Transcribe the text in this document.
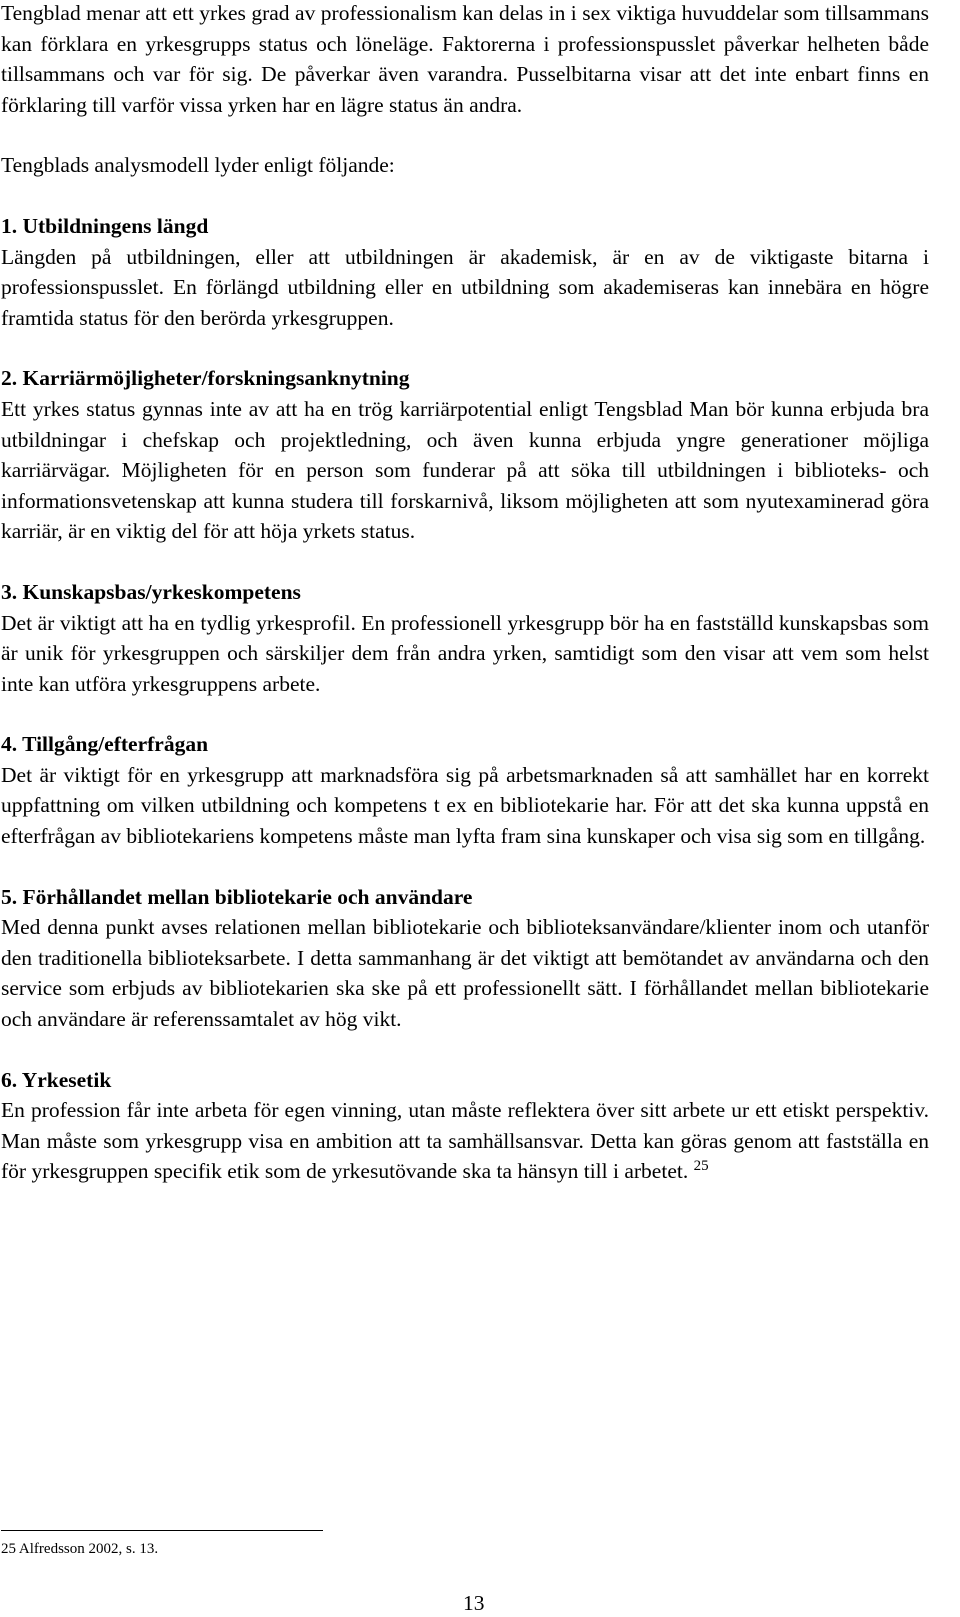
Tengblad menar att ett yrkes grad av professionalism kan delas in i sex viktiga huvuddelar som tillsammans kan förklara en yrkesgrupps status och löneläge. Faktorerna i professionspusslet påverkar helheten både tillsammans och var för sig. De påverkar även varandra. Pusselbitarna visar att det inte enbart finns en förklaring till varför vissa yrken har en lägre status än andra.

Tengblads analysmodell lyder enligt följande:

1. Utbildningens längd

Längden på utbildningen, eller att utbildningen är akademisk, är en av de viktigaste bitarna i professionspusslet. En förlängd utbildning eller en utbildning som akademiseras kan innebära en högre framtida status för den berörda yrkesgruppen.

2. Karriärmöjligheter/forskningsanknytning

Ett yrkes status gynnas inte av att ha en trög karriärpotential enligt Tengsblad Man bör kunna erbjuda bra utbildningar i chefskap och projektledning, och även kunna erbjuda yngre generationer möjliga karriärvägar. Möjligheten för en person som funderar på att söka till utbildningen i biblioteks- och informationsvetenskap att kunna studera till forskarnivå, liksom möjligheten att som nyutexaminerad göra karriär, är en viktig del för att höja yrkets status.

3. Kunskapsbas/yrkeskompetens

Det är viktigt att ha en tydlig yrkesprofil. En professionell yrkesgrupp bör ha en fastställd kunskapsbas som är unik för yrkesgruppen och särskiljer dem från andra yrken, samtidigt som den visar att vem som helst inte kan utföra yrkesgruppens arbete.

4. Tillgång/efterfrågan

Det är viktigt för en yrkesgrupp att marknadsföra sig på arbetsmarknaden så att samhället har en korrekt uppfattning om vilken utbildning och kompetens t ex en bibliotekarie har. För att det ska kunna uppstå en efterfrågan av bibliotekariens kompetens måste man lyfta fram sina kunskaper och visa sig som en tillgång.

5. Förhållandet mellan bibliotekarie och användare

Med denna punkt avses relationen mellan bibliotekarie och biblioteksanvändare/klienter inom och utanför den traditionella biblioteksarbete. I detta sammanhang är det viktigt att bemötandet av användarna och den service som erbjuds av bibliotekarien ska ske på ett professionellt sätt. I förhållandet mellan bibliotekarie och användare är referenssamtalet av hög vikt.

6. Yrkesetik

En profession får inte arbeta för egen vinning, utan måste reflektera över sitt arbete ur ett etiskt perspektiv. Man måste som yrkesgrupp visa en ambition att ta samhällsansvar. Detta kan göras genom att fastställa en för yrkesgruppen specifik etik som de yrkesutövande ska ta hänsyn till i arbetet. $^{25}$

25 Alfredsson 2002, s. 13.
13
